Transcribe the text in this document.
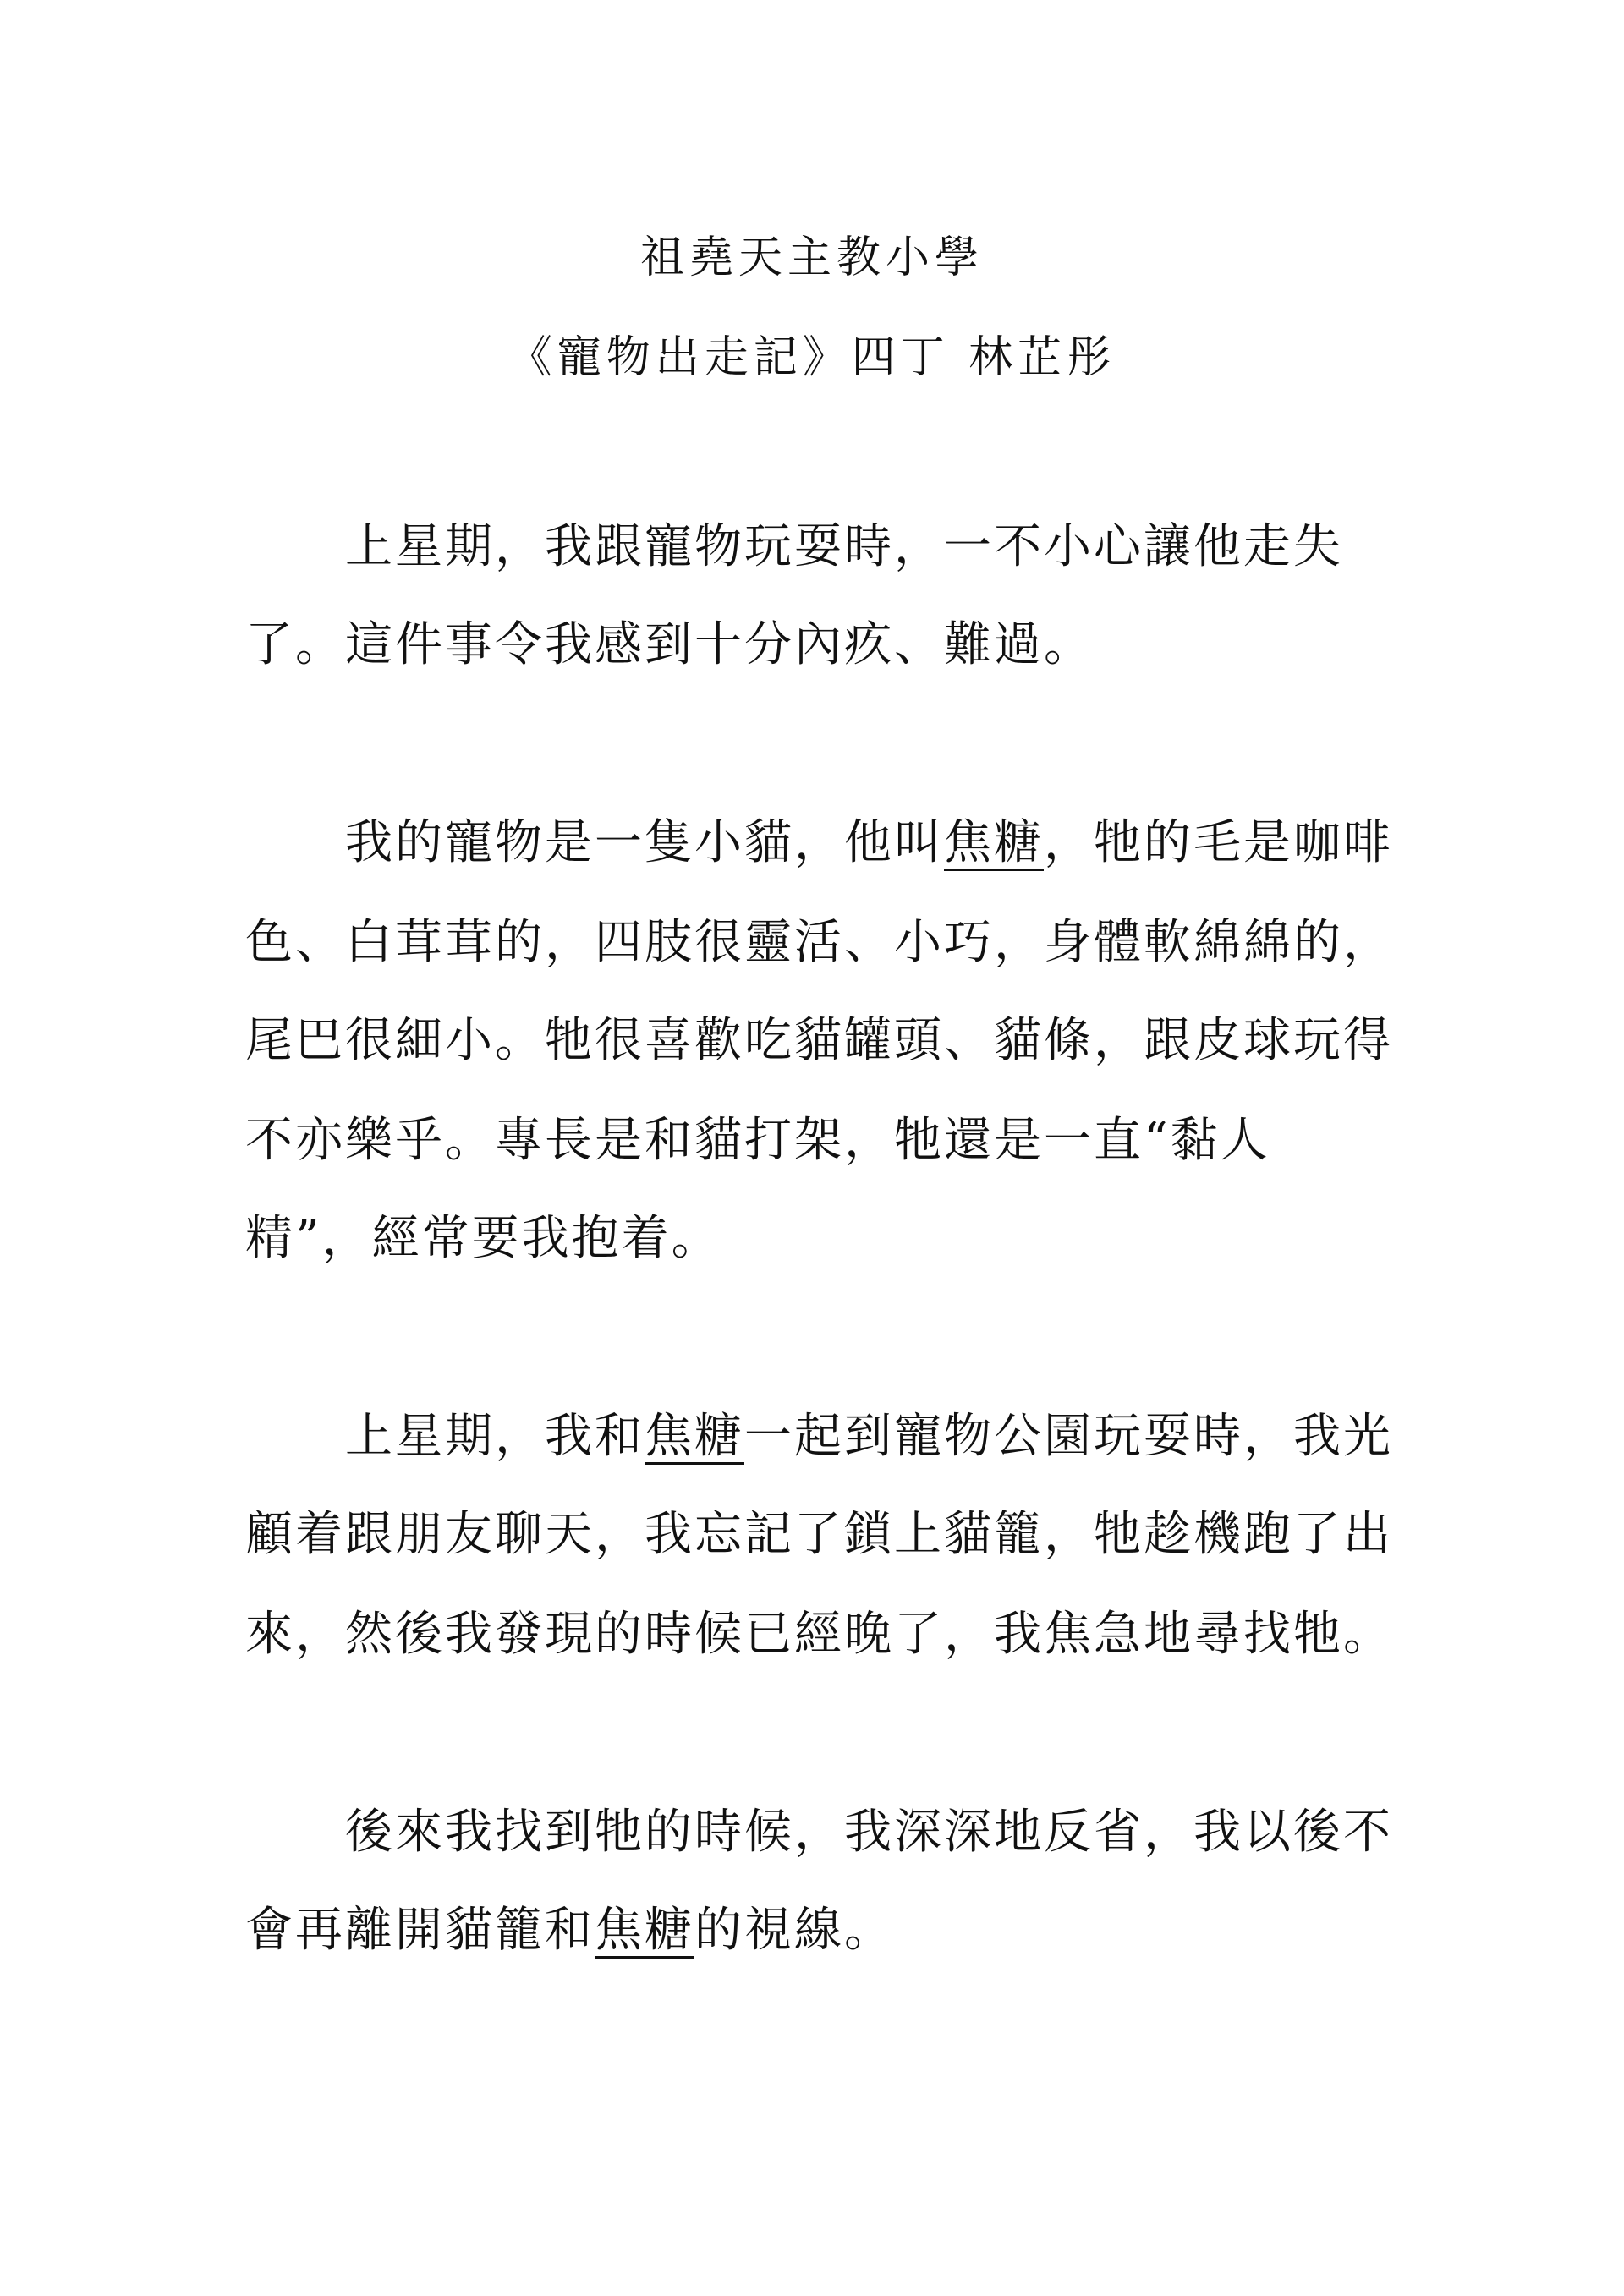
祖堯天主教小學
《寵物出走記》四丁 林芷彤
上星期，我跟寵物玩耍時，一不小心讓他走失
了。這件事令我感到十分內疚、難過。
我的寵物是一隻小貓，他叫焦糖，牠的毛是咖啡
色、白茸茸的，四肢很靈活、小巧，身體軟綿綿的，
尾巴很細小。牠很喜歡吃貓罐頭、貓條，跟皮球玩得
不亦樂乎。專長是和貓打架，牠還是一直“黏人
精”，經常要我抱着。
上星期，我和焦糖一起到寵物公園玩耍時，我光
顧着跟朋友聊天，我忘記了鎖上貓籠，牠趁機跑了出
來，然後我發現的時候已經晚了，我焦急地尋找牠。
後來我找到牠的時候，我深深地反省，我以後不
會再離開貓籠和焦糖的視線。
